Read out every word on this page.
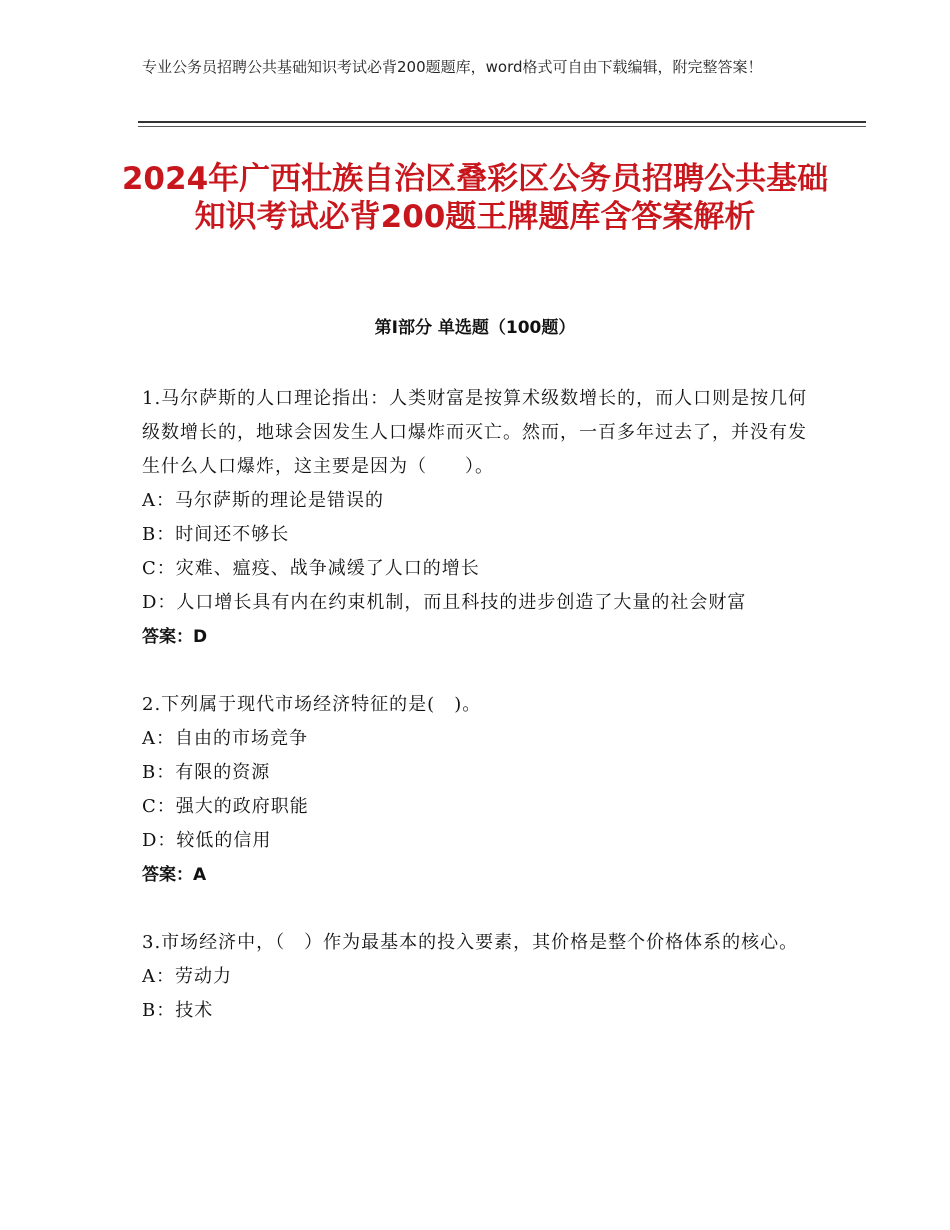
专业公务员招聘公共基础知识考试必背200题题库，word格式可自由下载编辑，附完整答案！
2024年广西壮族自治区叠彩区公务员招聘公共基础知识考试必背200题王牌题库含答案解析
第Ⅰ部分 单选题（100题）

1.马尔萨斯的人口理论指出：人类财富是按算术级数增长的，而人口则是按几何级数增长的，地球会因发生人口爆炸而灭亡。然而，一百多年过去了，并没有发生什么人口爆炸，这主要是因为（　　）。

A：马尔萨斯的理论是错误的

B：时间还不够长

C：灾难、瘟疫、战争减缓了人口的增长

D：人口增长具有内在约束机制，而且科技的进步创造了大量的社会财富

答案：D

2.下列属于现代市场经济特征的是(　)。

A：自由的市场竞争

B：有限的资源

C：强大的政府职能

D：较低的信用

答案：A

3.市场经济中，（　）作为最基本的投入要素，其价格是整个价格体系的核心。

A：劳动力

B：技术
